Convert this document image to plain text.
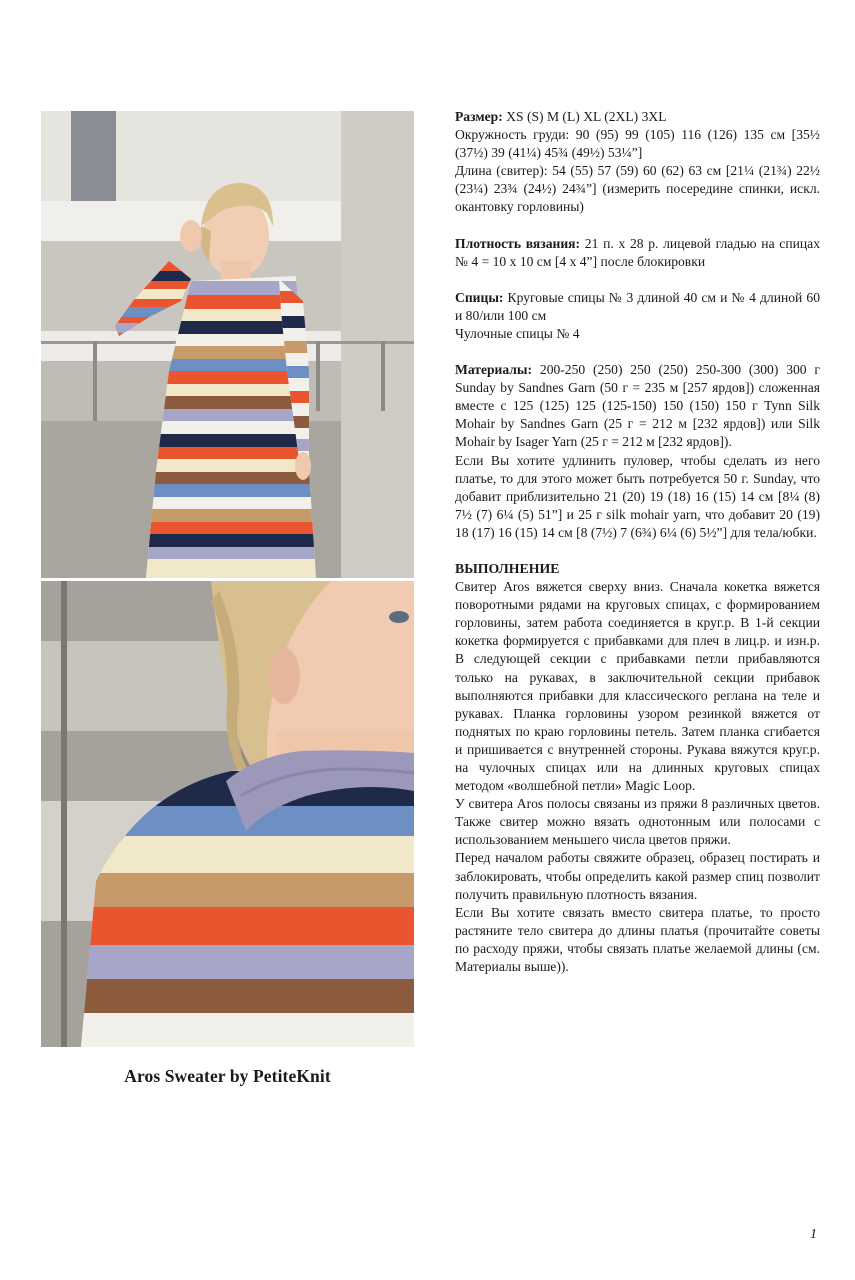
Aros Sweater by PetiteKnit

Размер: XS (S) M (L) XL (2XL) 3XL

Окружность груди: 90 (95) 99 (105) 116 (126) 135 см [35½ (37½) 39 (41¼) 45¾ (49½) 53¼”]

Длина (свитер): 54 (55) 57 (59) 60 (62) 63 см [21¼ (21¾) 22½ (23¼) 23¾ (24½) 24¾”] (измерить посередине спинки, искл. окантовку горловины)

Плотность вязания: 21 п. x 28 р. лицевой гладью на спицах № 4 = 10 x 10 см [4 x 4”] после блокировки

Спицы: Круговые спицы № 3 длиной 40 см и № 4 длиной 60 и 80/или 100 см

Чулочные спицы № 4

Материалы: 200-250 (250) 250 (250) 250-300 (300) 300 г Sunday by Sandnes Garn (50 г = 235 м [257 ярдов]) сложенная вместе с 125 (125) 125 (125-150) 150 (150) 150 г Tynn Silk Mohair by Sandnes Garn (25 г = 212 м [232 ярдов]) или Silk Mohair by Isager Yarn (25 г = 212 м [232 ярдов]).

Если Вы хотите удлинить пуловер, чтобы сделать из него платье, то для этого может быть потребуется 50 г. Sunday, что добавит приблизительно 21 (20) 19 (18) 16 (15) 14 см [8¼ (8) 7½ (7) 6¼ (5) 51”] и 25 г silk mohair yarn, что добавит 20 (19) 18 (17) 16 (15) 14 см [8 (7½) 7 (6¾) 6¼ (6) 5½”] для тела/юбки.

ВЫПОЛНЕНИЕ

Свитер Aros вяжется сверху вниз. Сначала кокетка вяжется поворотными рядами на круговых спицах, с формированием горловины, затем работа соединяется в круг.р. В 1-й секции кокетка формируется с прибавками для плеч в лиц.р. и изн.р. В следующей секции с прибавками петли прибавляются только на рукавах, в заключительной секции прибавок выполняются прибавки для классического реглана на теле и рукавах. Планка горловины узором резинкой вяжется от поднятых по краю горловины петель. Затем планка сгибается и пришивается с внутренней стороны. Рукава вяжутся круг.р. на чулочных спицах или на длинных круговых спицах методом «волшебной петли» Magic Loop.

У свитера Aros полосы связаны из пряжи 8 различных цветов. Также свитер можно вязать однотонным или полосами с использованием меньшего числа цветов пряжи.

Перед началом работы свяжите образец, образец постирать и заблокировать, чтобы определить какой размер спиц позволит получить правильную плотность вязания.

Если Вы хотите связать вместо свитера платье, то просто растяните тело свитера до длины платья (прочитайте советы по расходу пряжи, чтобы связать платье желаемой длины (см. Материалы выше)).

1
